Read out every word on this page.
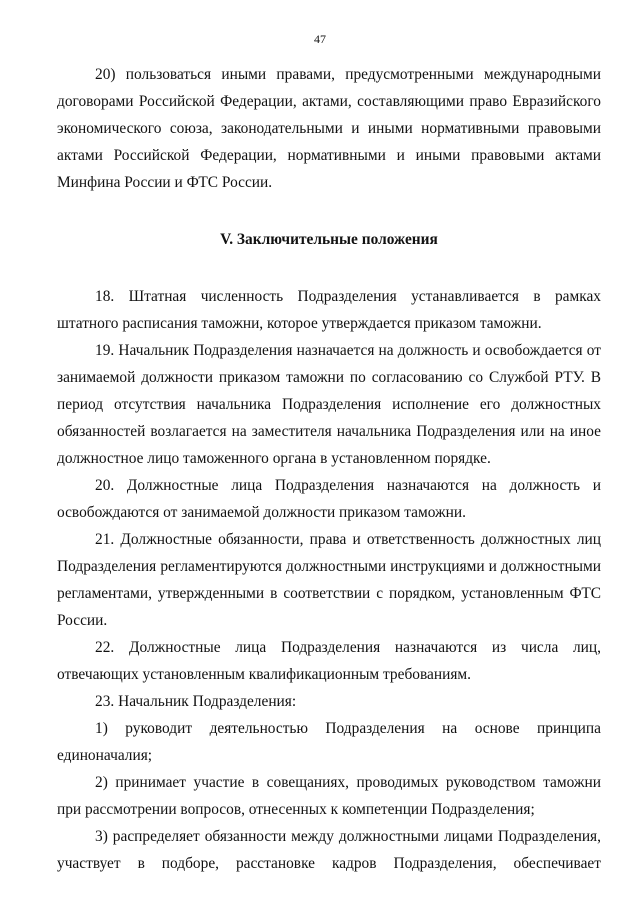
47

20) пользоваться иными правами, предусмотренными международными договорами Российской Федерации, актами, составляющими право Евразийского экономического союза, законодательными и иными нормативными правовыми актами Российской Федерации, нормативными и иными правовыми актами Минфина России и ФТС России.

V. Заключительные положения

18. Штатная численность Подразделения устанавливается в рамках штатного расписания таможни, которое утверждается приказом таможни.

19. Начальник Подразделения назначается на должность и освобождается от занимаемой должности приказом таможни по согласованию со Службой РТУ. В период отсутствия начальника Подразделения исполнение его должностных обязанностей возлагается на заместителя начальника Подразделения или на иное должностное лицо таможенного органа в установленном порядке.

20. Должностные лица Подразделения назначаются на должность и освобождаются от занимаемой должности приказом таможни.

21. Должностные обязанности, права и ответственность должностных лиц Подразделения регламентируются должностными инструкциями и должностными регламентами, утвержденными в соответствии с порядком, установленным ФТС России.

22. Должностные лица Подразделения назначаются из числа лиц, отвечающих установленным квалификационным требованиям.

23. Начальник Подразделения:

1) руководит деятельностью Подразделения на основе принципа единоначалия;

2) принимает участие в совещаниях, проводимых руководством таможни при рассмотрении вопросов, отнесенных к компетенции Подразделения;

3) распределяет обязанности между должностными лицами Подразделения,

участвует в подборе, расстановке кадров Подразделения, обеспечивает
